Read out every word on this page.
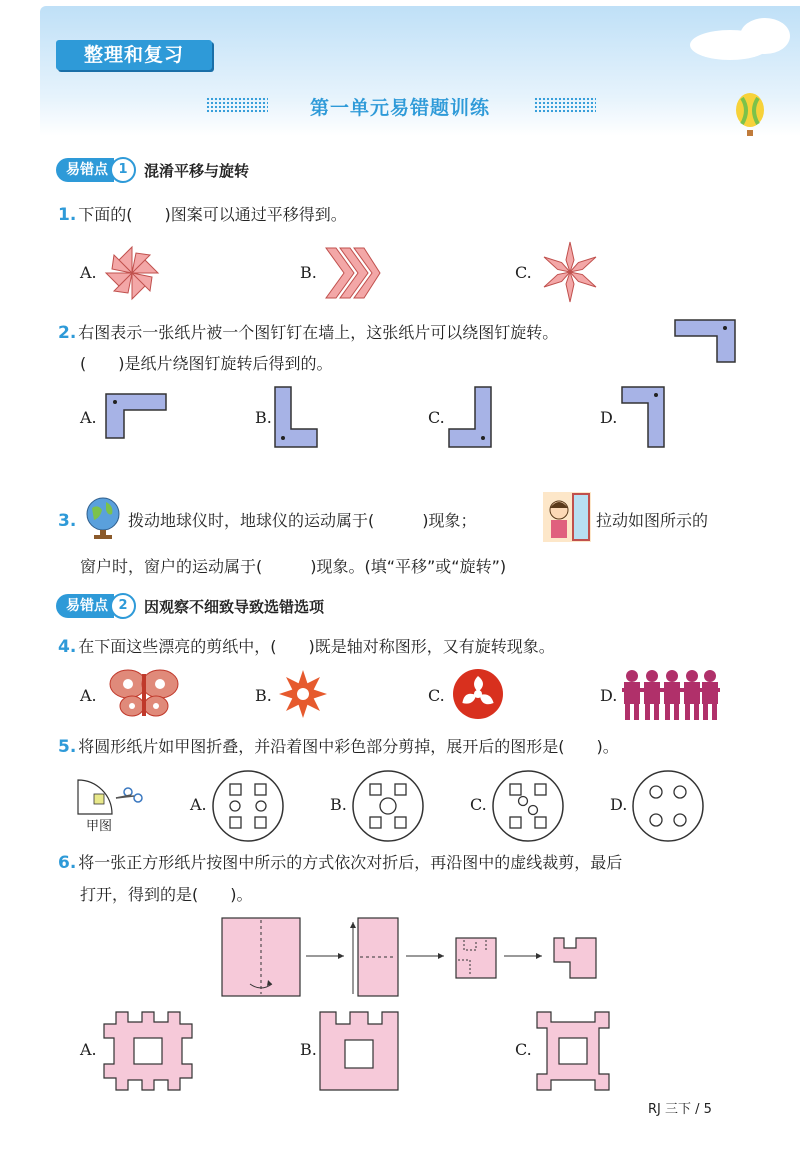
整理和复习
第一单元易错题训练
易错点 1	混淆平移与旋转
1. 下面的(　　)图案可以通过平移得到。
A.	B.	C.
2. 右图表示一张纸片被一个图钉钉在墙上，这张纸片可以绕图钉旋转。
(　　)是纸片绕图钉旋转后得到的。
A.	B.	C.	D.
3.	拨动地球仪时，地球仪的运动属于(　　　)现象；	拉动如图所示的
窗户时，窗户的运动属于(　　　)现象。(填“平移”或“旋转”)
易错点 2	因观察不细致导致选错选项
4. 在下面这些漂亮的剪纸中，(　　)既是轴对称图形，又有旋转现象。
A.	B.	C.	D.
5. 将圆形纸片如甲图折叠，并沿着图中彩色部分剪掉，展开后的图形是(　　)。
甲图
A.	B.	C.	D.
6. 将一张正方形纸片按图中所示的方式依次对折后，再沿图中的虚线裁剪，最后
打开，得到的是(　　)。
A.	B.	C.
RJ 三下 / 5
